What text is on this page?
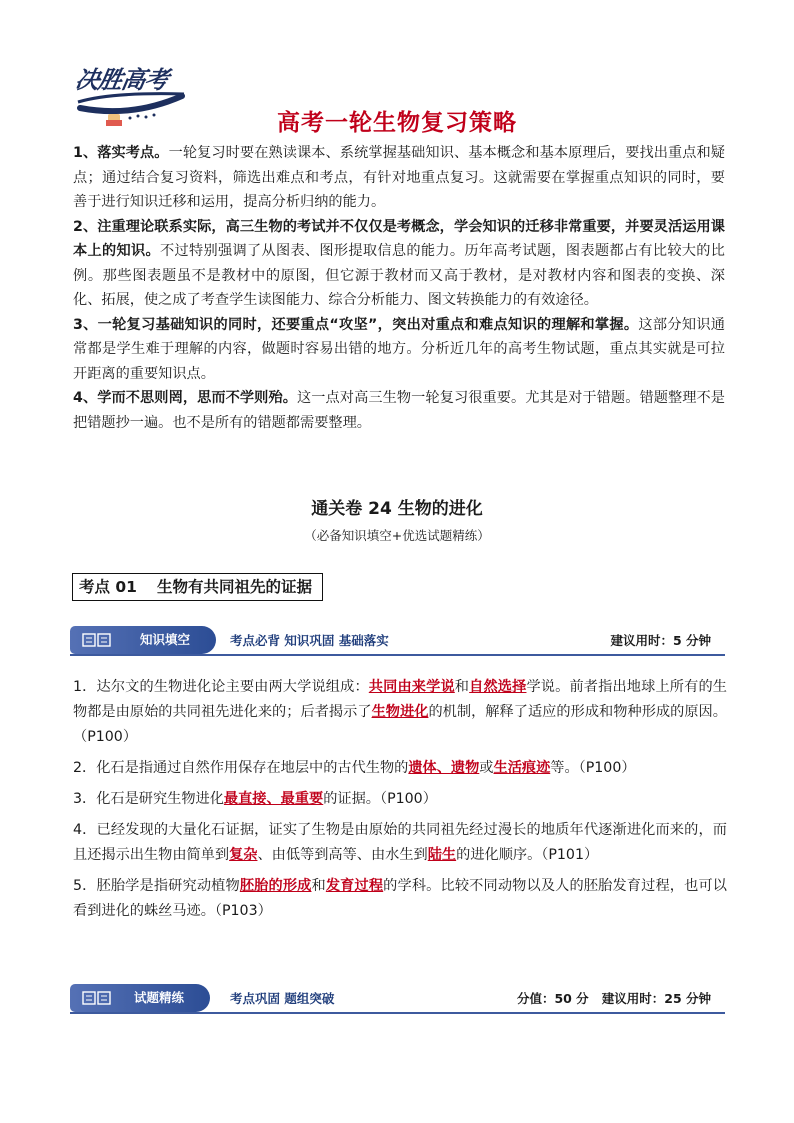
决胜高考
高考一轮生物复习策略

1、落实考点。一轮复习时要在熟读课本、系统掌握基础知识、基本概念和基本原理后，要找出重点和疑点；通过结合复习资料，筛选出难点和考点，有针对地重点复习。这就需要在掌握重点知识的同时，要善于进行知识迁移和运用，提高分析归纳的能力。

2、注重理论联系实际，高三生物的考试并不仅仅是考概念，学会知识的迁移非常重要，并要灵活运用课本上的知识。不过特别强调了从图表、图形提取信息的能力。历年高考试题，图表题都占有比较大的比例。那些图表题虽不是教材中的原图，但它源于教材而又高于教材，是对教材内容和图表的变换、深化、拓展，使之成了考查学生读图能力、综合分析能力、图文转换能力的有效途径。

3、一轮复习基础知识的同时，还要重点“攻坚”，突出对重点和难点知识的理解和掌握。这部分知识通常都是学生难于理解的内容，做题时容易出错的地方。分析近几年的高考生物试题，重点其实就是可拉开距离的重要知识点。

4、学而不思则罔，思而不学则殆。这一点对高三生物一轮复习很重要。尤其是对于错题。错题整理不是把错题抄一遍。也不是所有的错题都需要整理。

通关卷 24 生物的进化
（必备知识填空+优选试题精练）
考点 01 生物有共同祖先的证据
知识填空	考点必背 知识巩固 基础落实	建议用时：5 分钟

1．达尔文的生物进化论主要由两大学说组成：共同由来学说和自然选择学说。前者指出地球上所有的生物都是由原始的共同祖先进化来的；后者揭示了生物进化的机制，解释了适应的形成和物种形成的原因。（P100）

2．化石是指通过自然作用保存在地层中的古代生物的遗体、遗物或生活痕迹等。（P100）

3．化石是研究生物进化最直接、最重要的证据。（P100）

4．已经发现的大量化石证据，证实了生物是由原始的共同祖先经过漫长的地质年代逐渐进化而来的，而且还揭示出生物由简单到复杂、由低等到高等、由水生到陆生的进化顺序。（P101）

5．胚胎学是指研究动植物胚胎的形成和发育过程的学科。比较不同动物以及人的胚胎发育过程，也可以看到进化的蛛丝马迹。（P103）

试题精练	考点巩固 题组突破	分值：50 分 建议用时：25 分钟
